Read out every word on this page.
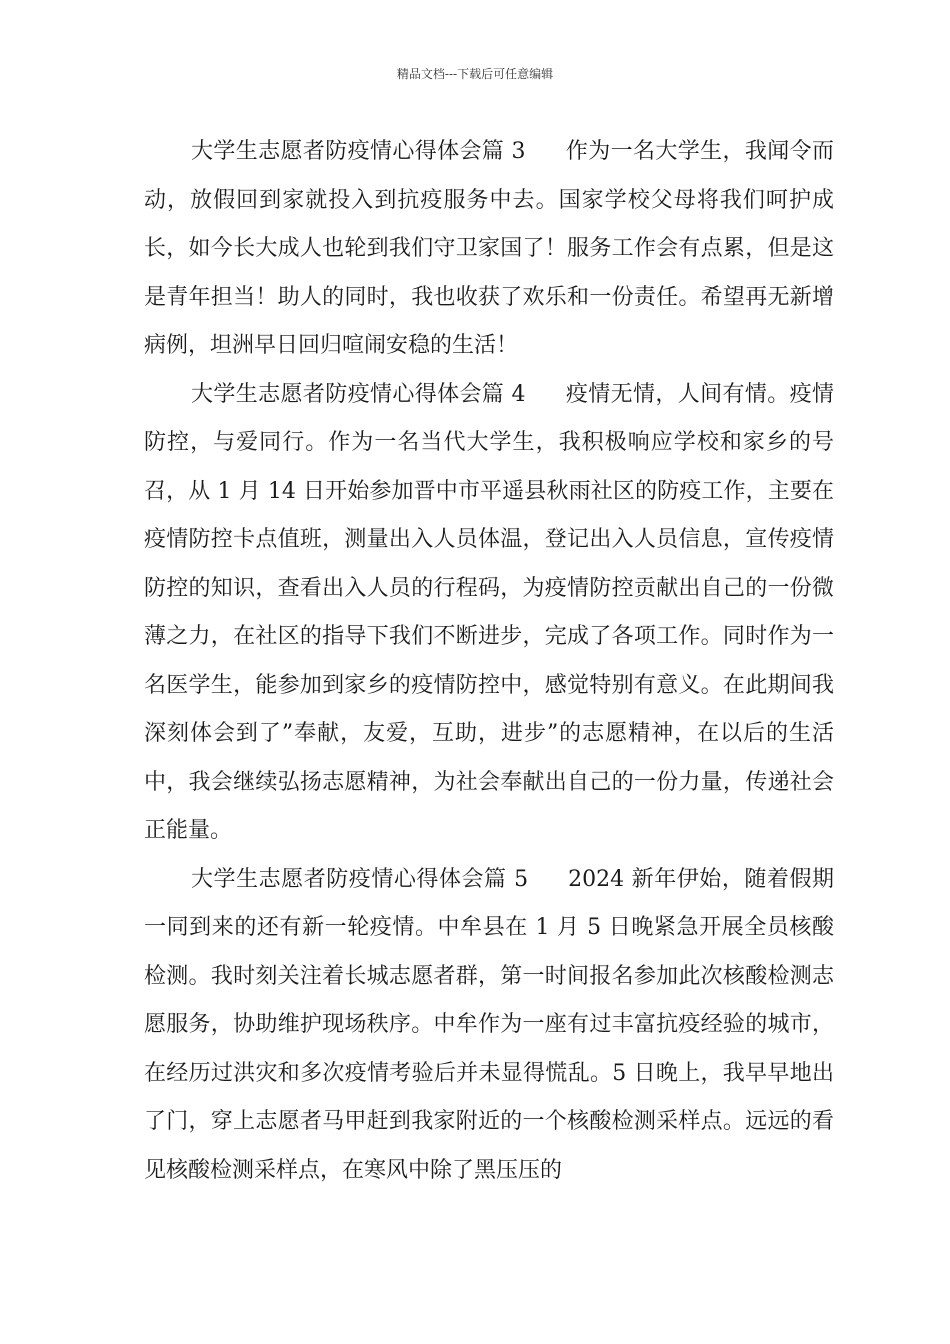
精品文档---下载后可任意编辑

大学生志愿者防疫情心得体会篇 3 作为一名大学生，我闻令而动，放假回到家就投入到抗疫服务中去。国家学校父母将我们呵护成长，如今长大成人也轮到我们守卫家国了！服务工作会有点累，但是这是青年担当！助人的同时，我也收获了欢乐和一份责任。希望再无新增病例，坦洲早日回归喧闹安稳的生活！

大学生志愿者防疫情心得体会篇 4 疫情无情，人间有情。疫情防控，与爱同行。作为一名当代大学生，我积极响应学校和家乡的号召，从 1 月 14 日开始参加晋中市平遥县秋雨社区的防疫工作，主要在疫情防控卡点值班，测量出入人员体温，登记出入人员信息，宣传疫情防控的知识，查看出入人员的行程码，为疫情防控贡献出自己的一份微薄之力，在社区的指导下我们不断进步，完成了各项工作。同时作为一名医学生，能参加到家乡的疫情防控中，感觉特别有意义。在此期间我深刻体会到了”奉献，友爱，互助，进步”的志愿精神，在以后的生活中，我会继续弘扬志愿精神，为社会奉献出自己的一份力量，传递社会正能量。

大学生志愿者防疫情心得体会篇 5 2024 新年伊始，随着假期一同到来的还有新一轮疫情。中牟县在 1 月 5 日晚紧急开展全员核酸检测。我时刻关注着长城志愿者群，第一时间报名参加此次核酸检测志愿服务，协助维护现场秩序。中牟作为一座有过丰富抗疫经验的城市，在经历过洪灾和多次疫情考验后并未显得慌乱。5 日晚上，我早早地出了门，穿上志愿者马甲赶到我家附近的一个核酸检测采样点。远远的看见核酸检测采样点，在寒风中除了黑压压的
